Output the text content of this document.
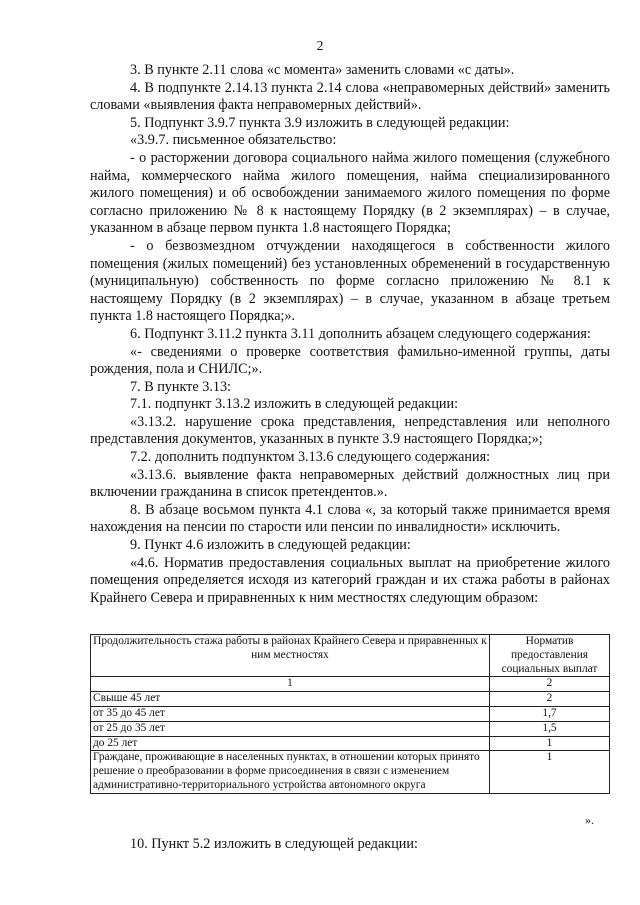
2

3. В пункте 2.11 слова «с момента» заменить словами «с даты».

4. В подпункте 2.14.13 пункта 2.14 слова «неправомерных действий» заменить словами «выявления факта неправомерных действий».

5. Подпункт 3.9.7 пункта 3.9 изложить в следующей редакции:

«3.9.7. письменное обязательство:

- о расторжении договора социального найма жилого помещения (служебного найма, коммерческого найма жилого помещения, найма специализированного жилого помещения) и об освобождении занимаемого жилого помещения по форме согласно приложению № 8 к настоящему Порядку (в 2 экземплярах) – в случае, указанном в абзаце первом пункта 1.8 настоящего Порядка;

- о безвозмездном отчуждении находящегося в собственности жилого помещения (жилых помещений) без установленных обременений в государственную (муниципальную) собственность по форме согласно приложению № 8.1 к настоящему Порядку (в 2 экземплярах) – в случае, указанном в абзаце третьем пункта 1.8 настоящего Порядка;».

6. Подпункт 3.11.2 пункта 3.11 дополнить абзацем следующего содержания:

«- сведениями о проверке соответствия фамильно-именной группы, даты рождения, пола и СНИЛС;».

7. В пункте 3.13:

7.1. подпункт 3.13.2 изложить в следующей редакции:

«3.13.2. нарушение срока представления, непредставления или неполного представления документов, указанных в пункте 3.9 настоящего Порядка;»;

7.2. дополнить подпунктом 3.13.6 следующего содержания:

«3.13.6. выявление факта неправомерных действий должностных лиц при включении гражданина в список претендентов.».

8. В абзаце восьмом пункта 4.1 слова «, за который также принимается время нахождения на пенсии по старости или пенсии по инвалидности» исключить.

9. Пункт 4.6 изложить в следующей редакции:

«4.6. Норматив предоставления социальных выплат на приобретение жилого помещения определяется исходя из категорий граждан и их стажа работы в районах Крайнего Севера и приравненных к ним местностях следующим образом:

Продолжительность стажа работы в районах Крайнего Севера и приравненных к ним местностях	Норматив предоставления социальных выплат
1	2
Свыше 45 лет	2
от 35 до 45 лет	1,7
от 25 до 35 лет	1,5
до 25 лет	1
Граждане, проживающие в населенных пунктах, в отношении которых принято решение о преобразовании в форме присоединения в связи с изменением административно-территориального устройства автономного округа	1
».

10. Пункт 5.2 изложить в следующей редакции:
